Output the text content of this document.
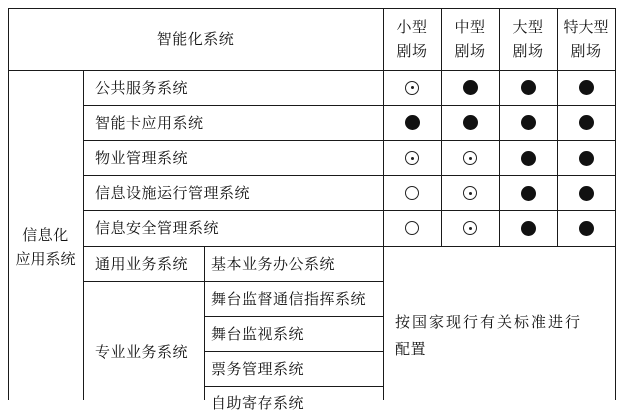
智能化系统
小型
剧场
中型
剧场
大型
剧场
特大型
剧场
信息化
应用系统
公共服务系统
智能卡应用系统
物业管理系统
信息设施运行管理系统
信息安全管理系统
通用业务系统 基本业务办公系统
专业业务系统
舞台监督通信指挥系统
舞台监视系统
票务管理系统
自助寄存系统
按国家现行有关标准进行
配置
